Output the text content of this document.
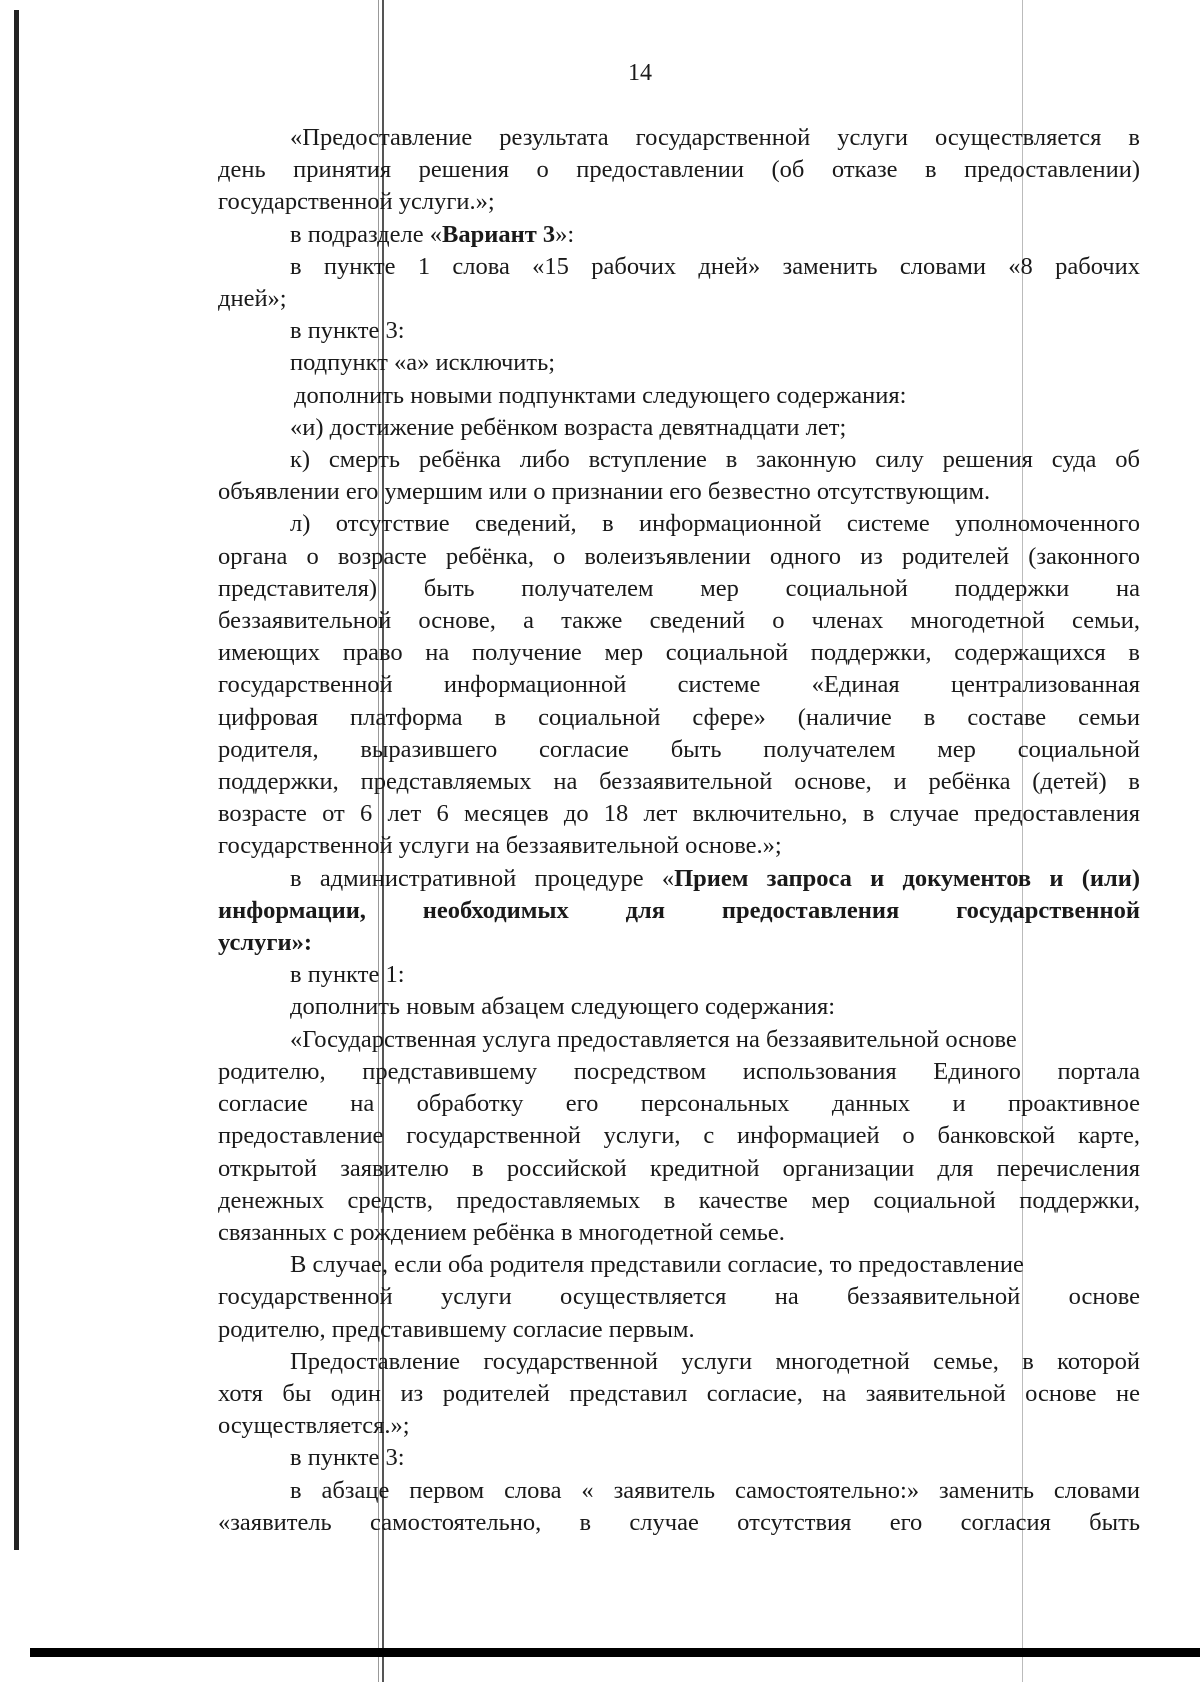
14

«Предоставление результата государственной услуги осуществляется в

день принятия решения о предоставлении (об отказе в предоставлении)

государственной услуги.»;

в подразделе «Вариант 3»:

в пункте 1 слова «15 рабочих дней» заменить словами «8 рабочих

дней»;

в пункте 3:

подпункт «а» исключить;

дополнить новыми подпунктами следующего содержания:

«и) достижение ребёнком возраста девятнадцати лет;

к) смерть ребёнка либо вступление в законную силу решения суда об

объявлении его умершим или о признании его безвестно отсутствующим.

л) отсутствие сведений, в информационной системе уполномоченного

органа о возрасте ребёнка, о волеизъявлении одного из родителей (законного

представителя) быть получателем мер социальной поддержки на

беззаявительной основе, а также сведений о членах многодетной семьи,

имеющих право на получение мер социальной поддержки, содержащихся в

государственной информационной системе «Единая централизованная

цифровая платформа в социальной сфере» (наличие в составе семьи

родителя, выразившего согласие быть получателем мер социальной

поддержки, представляемых на беззаявительной основе, и ребёнка (детей) в

возрасте от 6 лет 6 месяцев до 18 лет включительно, в случае предоставления

государственной услуги на беззаявительной основе.»;

в административной процедуре «Прием запроса и документов и (или)

информации, необходимых для предоставления государственной

услуги»:

в пункте 1:

дополнить новым абзацем следующего содержания:

«Государственная услуга предоставляется на беззаявительной основе

родителю, представившему посредством использования Единого портала

согласие на обработку его персональных данных и проактивное

предоставление государственной услуги, с информацией о банковской карте,

открытой заявителю в российской кредитной организации для перечисления

денежных средств, предоставляемых в качестве мер социальной поддержки,

связанных с рождением ребёнка в многодетной семье.

В случае, если оба родителя представили согласие, то предоставление

государственной услуги осуществляется на беззаявительной основе

родителю, представившему согласие первым.

Предоставление государственной услуги многодетной семье, в которой

хотя бы один из родителей представил согласие, на заявительной основе не

осуществляется.»;

в пункте 3:

в абзаце первом слова « заявитель самостоятельно:» заменить словами

«заявитель самостоятельно, в случае отсутствия его согласия быть
